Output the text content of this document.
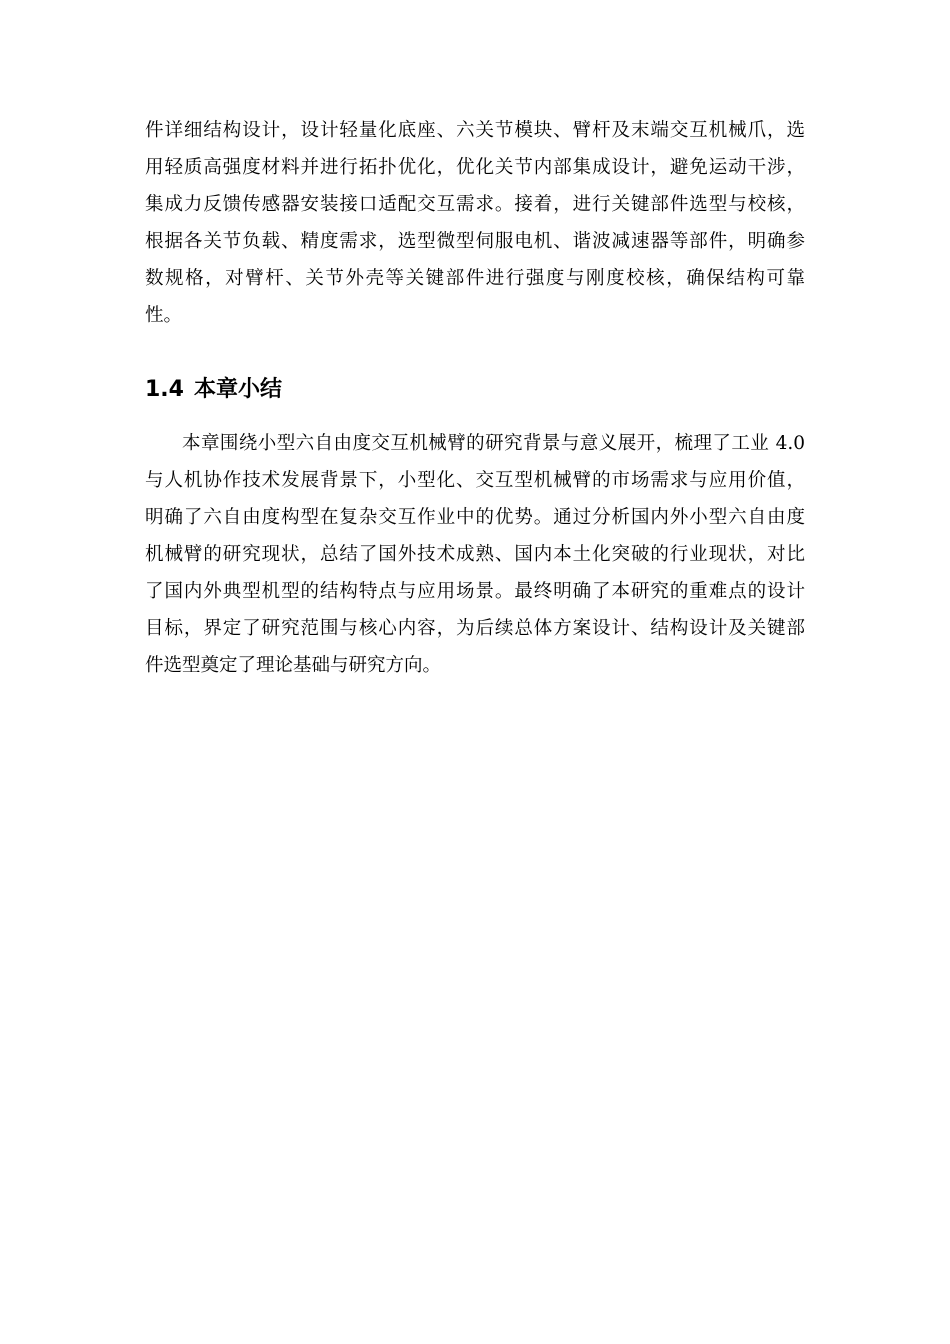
件详细结构设计，设计轻量化底座、六关节模块、臂杆及末端交互机械爪，选
用轻质高强度材料并进行拓扑优化，优化关节内部集成设计，避免运动干涉，
集成力反馈传感器安装接口适配交互需求。接着，进行关键部件选型与校核，
根据各关节负载、精度需求，选型微型伺服电机、谐波减速器等部件，明确参
数规格，对臂杆、关节外壳等关键部件进行强度与刚度校核，确保结构可靠
性。
1.4 本章小结
本章围绕小型六自由度交互机械臂的研究背景与意义展开，梳理了工业 4.0
与人机协作技术发展背景下，小型化、交互型机械臂的市场需求与应用价值，
明确了六自由度构型在复杂交互作业中的优势。通过分析国内外小型六自由度
机械臂的研究现状，总结了国外技术成熟、国内本土化突破的行业现状，对比
了国内外典型机型的结构特点与应用场景。最终明确了本研究的重难点的设计
目标，界定了研究范围与核心内容，为后续总体方案设计、结构设计及关键部
件选型奠定了理论基础与研究方向。
